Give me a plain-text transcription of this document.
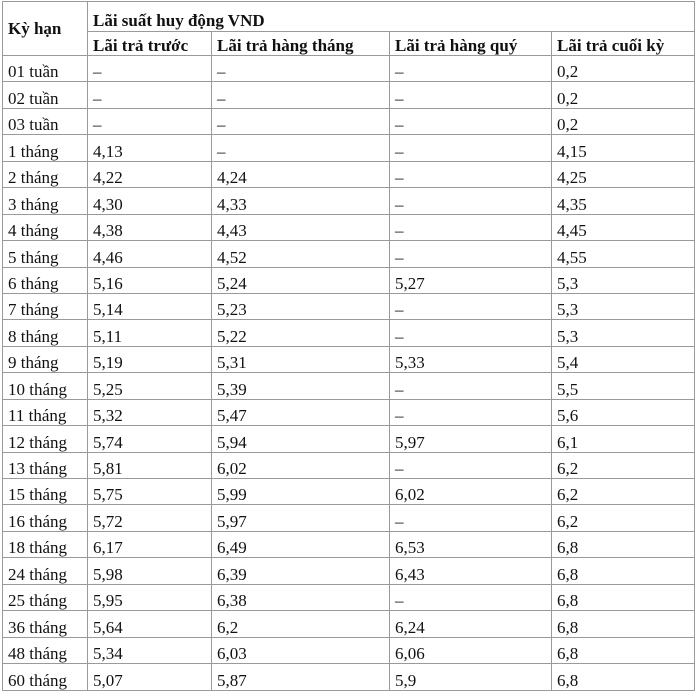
Kỳ hạn	Lãi suất huy động VND			
	Lãi trả trước	Lãi trả hàng tháng	Lãi trả hàng quý	Lãi trả cuối kỳ
01 tuần	–	–	–	0,2
02 tuần	–	–	–	0,2
03 tuần	–	–	–	0,2
1 tháng	4,13	–	–	4,15
2 tháng	4,22	4,24	–	4,25
3 tháng	4,30	4,33	–	4,35
4 tháng	4,38	4,43	–	4,45
5 tháng	4,46	4,52	–	4,55
6 tháng	5,16	5,24	5,27	5,3
7 tháng	5,14	5,23	–	5,3
8 tháng	5,11	5,22	–	5,3
9 tháng	5,19	5,31	5,33	5,4
10 tháng	5,25	5,39	–	5,5
11 tháng	5,32	5,47	–	5,6
12 tháng	5,74	5,94	5,97	6,1
13 tháng	5,81	6,02	–	6,2
15 tháng	5,75	5,99	6,02	6,2
16 tháng	5,72	5,97	–	6,2
18 tháng	6,17	6,49	6,53	6,8
24 tháng	5,98	6,39	6,43	6,8
25 tháng	5,95	6,38	–	6,8
36 tháng	5,64	6,2	6,24	6,8
48 tháng	5,34	6,03	6,06	6,8
60 tháng	5,07	5,87	5,9	6,8
